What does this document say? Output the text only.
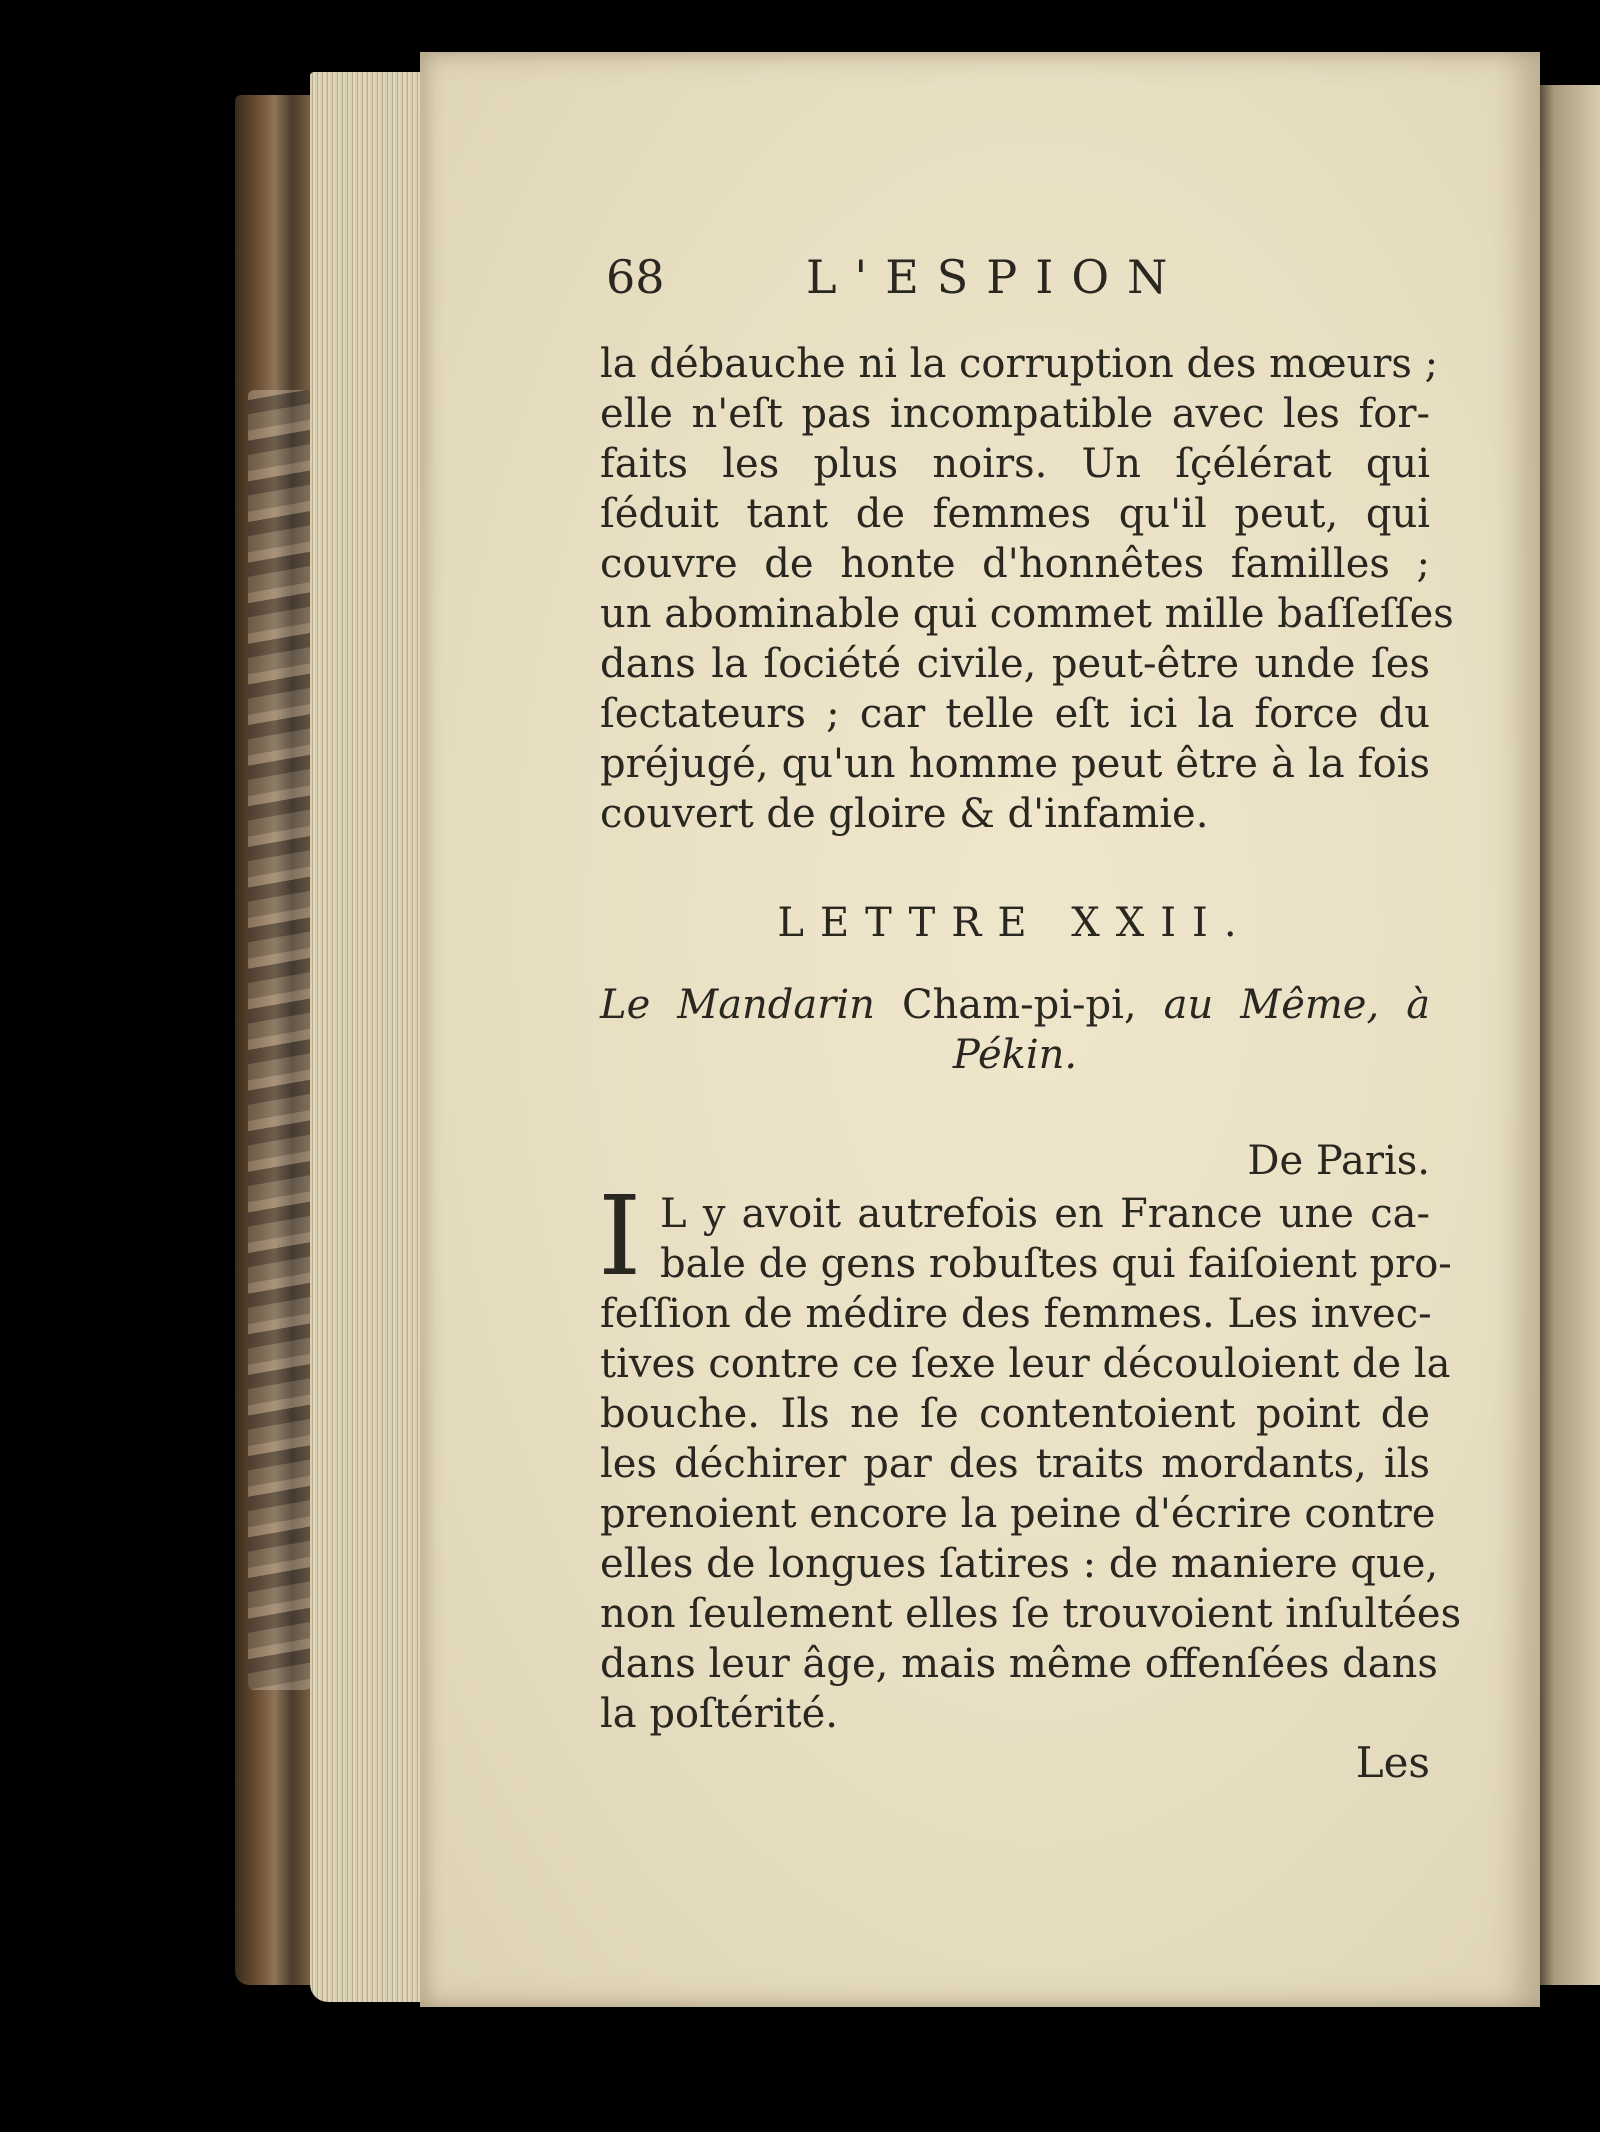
68	L'ESPION
la débauche ni la corruption des mœurs ;
elle n'eſt pas incompatible avec les for-
faits les plus noirs. Un ſçélérat qui
ſéduit tant de femmes qu'il peut, qui
couvre de honte d'honnêtes familles ;
un abominable qui commet mille baſſeſſes
dans la ſociété civile, peut-être unde ſes
ſectateurs ; car telle eſt ici la force du
préjugé, qu'un homme peut être à la fois
couvert de gloire & d'infamie.
LETTRE XXII.
Le Mandarin Cham-pi-pi, au Même, à
Pékin.
De Paris.
I L y avoit autrefois en France une ca-
bale de gens robuſtes qui faiſoient pro-
feſſion de médire des femmes. Les invec-
tives contre ce ſexe leur découloient de la
bouche. Ils ne ſe contentoient point de
les déchirer par des traits mordants, ils
prenoient encore la peine d'écrire contre
elles de longues ſatires : de maniere que,
non ſeulement elles ſe trouvoient inſultées
dans leur âge, mais même offenſées dans
la poſtérité.
Les
